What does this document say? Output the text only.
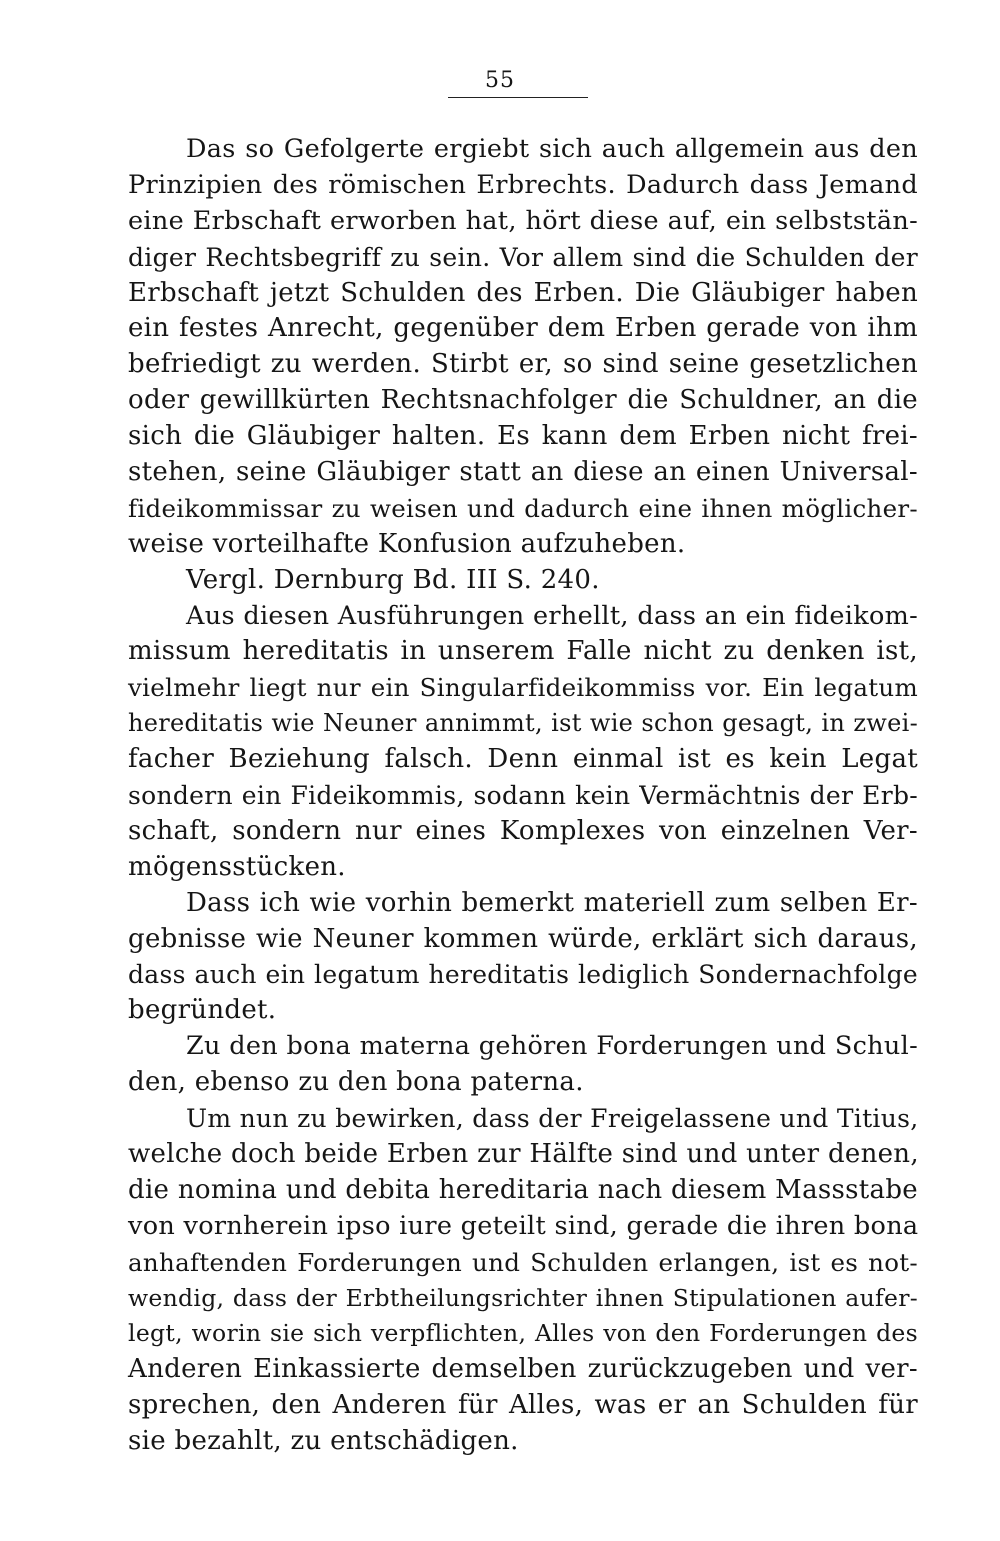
55
Das so Gefolgerte ergiebt sich auch allgemein aus den
Prinzipien des römischen Erbrechts. Dadurch dass Jemand
eine Erbschaft erworben hat, hört diese auf, ein selbststän-
diger Rechtsbegriff zu sein. Vor allem sind die Schulden der
Erbschaft jetzt Schulden des Erben. Die Gläubiger haben
ein festes Anrecht, gegenüber dem Erben gerade von ihm
befriedigt zu werden. Stirbt er, so sind seine gesetzlichen
oder gewillkürten Rechtsnachfolger die Schuldner, an die
sich die Gläubiger halten. Es kann dem Erben nicht frei-
stehen, seine Gläubiger statt an diese an einen Universal-
fideikommissar zu weisen und dadurch eine ihnen möglicher-
weise vorteilhafte Konfusion aufzuheben.
Vergl. Dernburg Bd. III S. 240.
Aus diesen Ausführungen erhellt, dass an ein fideikom-
missum hereditatis in unserem Falle nicht zu denken ist,
vielmehr liegt nur ein Singularfideikommiss vor. Ein legatum
hereditatis wie Neuner annimmt, ist wie schon gesagt, in zwei-
facher Beziehung falsch. Denn einmal ist es kein Legat
sondern ein Fideikommis, sodann kein Vermächtnis der Erb-
schaft, sondern nur eines Komplexes von einzelnen Ver-
mögensstücken.
Dass ich wie vorhin bemerkt materiell zum selben Er-
gebnisse wie Neuner kommen würde, erklärt sich daraus,
dass auch ein legatum hereditatis lediglich Sondernachfolge
begründet.
Zu den bona materna gehören Forderungen und Schul-
den, ebenso zu den bona paterna.
Um nun zu bewirken, dass der Freigelassene und Titius,
welche doch beide Erben zur Hälfte sind und unter denen,
die nomina und debita hereditaria nach diesem Massstabe
von vornherein ipso iure geteilt sind, gerade die ihren bona
anhaftenden Forderungen und Schulden erlangen, ist es not-
wendig, dass der Erbtheilungsrichter ihnen Stipulationen aufer-
legt, worin sie sich verpflichten, Alles von den Forderungen des
Anderen Einkassierte demselben zurückzugeben und ver-
sprechen, den Anderen für Alles, was er an Schulden für
sie bezahlt, zu entschädigen.
